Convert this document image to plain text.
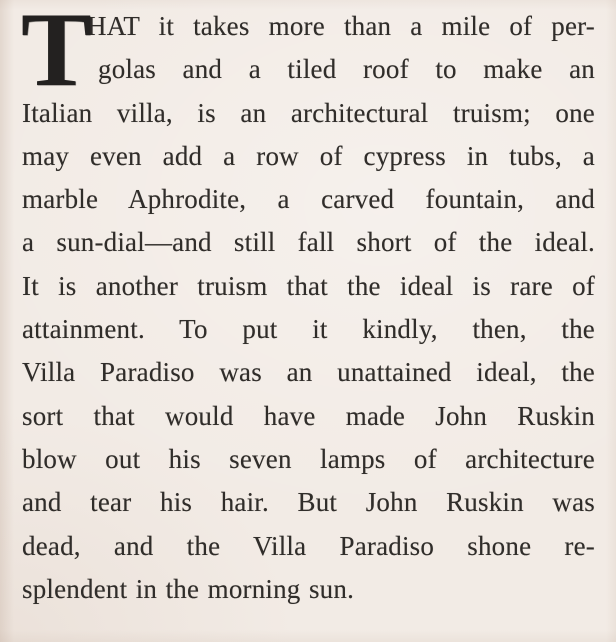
T
HAT it takes more than a mile of per-
golas and a tiled roof to make an
Italian villa, is an architectural truism; one
may even add a row of cypress in tubs, a
marble Aphrodite, a carved fountain, and
a sun-dial—and still fall short of the ideal.
It is another truism that the ideal is rare of
attainment. To put it kindly, then, the
Villa Paradiso was an unattained ideal, the
sort that would have made John Ruskin
blow out his seven lamps of architecture
and tear his hair. But John Ruskin was
dead, and the Villa Paradiso shone re-
splendent in the morning sun.
